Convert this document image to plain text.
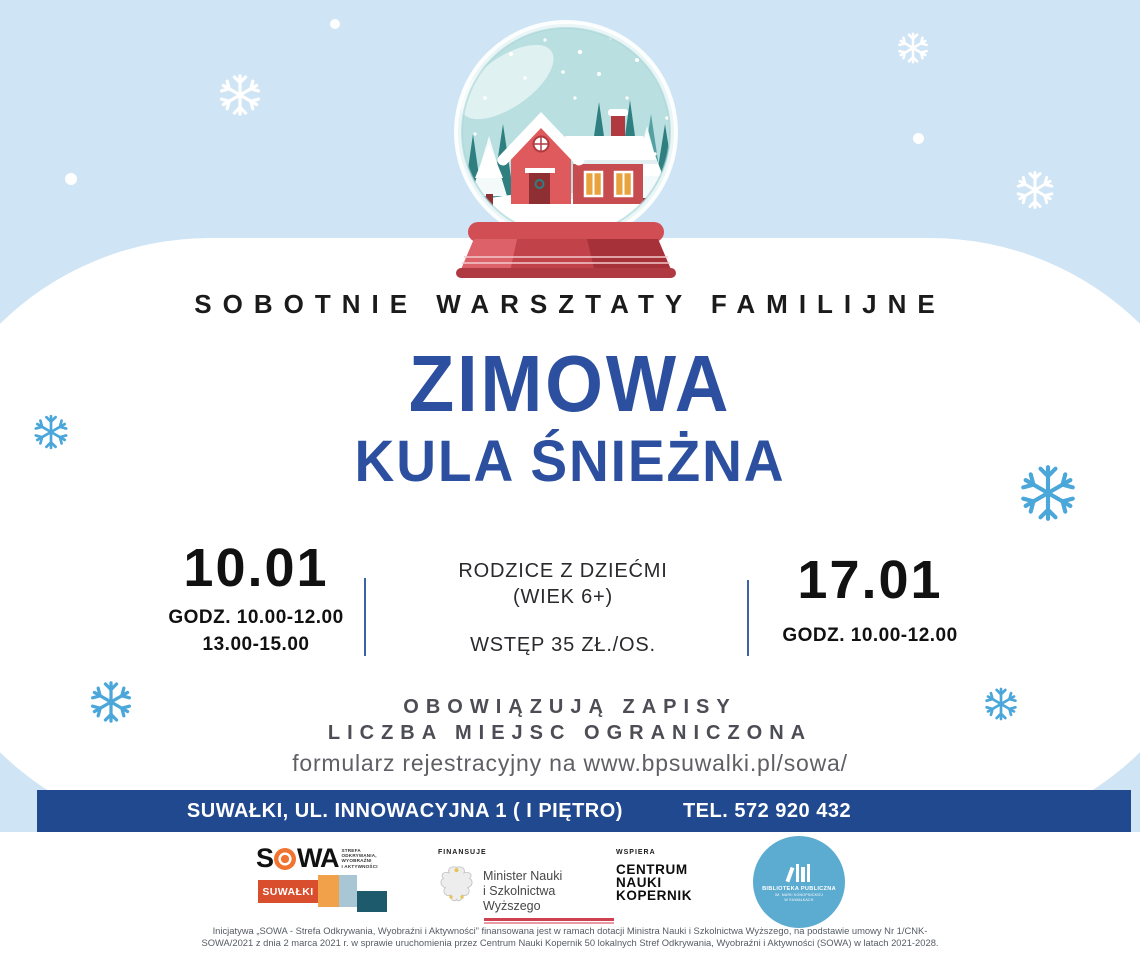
SOBOTNIE WARSZTATY FAMILIJNE
ZIMOWA
KULA ŚNIEŻNA
10.01
GODZ. 10.00-12.00
13.00-15.00
RODZICE Z DZIEĆMI
(WIEK 6+)
WSTĘP 35 ZŁ./OS.
17.01
GODZ. 10.00-12.00
OBOWIĄZUJĄ ZAPISY
LICZBA MIEJSC OGRANICZONA
formularz rejestracyjny na www.bpsuwalki.pl/sowa/
SUWAŁKI, UL. INNOWACYJNA 1 ( I PIĘTRO)	TEL. 572 920 432
S WA STREFA
ODKRYWANIA,
WYOBRAŹNI
I AKTYWNOŚCI
SUWAŁKI
FINANSUJE
Minister Nauki
i Szkolnictwa Wyższego
WSPIERA
CENTRUM
NAUKI
KOPERNIK	BIBLIOTEKA PUBLICZNA
IM. MARII KONOPNICKIEJ
W SUWAŁKACH
Inicjatywa „SOWA - Strefa Odkrywania, Wyobraźni i Aktywności” finansowana jest w ramach dotacji Ministra Nauki i Szkolnictwa Wyższego, na podstawie umowy Nr 1/CNK-
SOWA/2021 z dnia 2 marca 2021 r. w sprawie uruchomienia przez Centrum Nauki Kopernik 50 lokalnych Stref Odkrywania, Wyobraźni i Aktywności (SOWA) w latach 2021-2028.
